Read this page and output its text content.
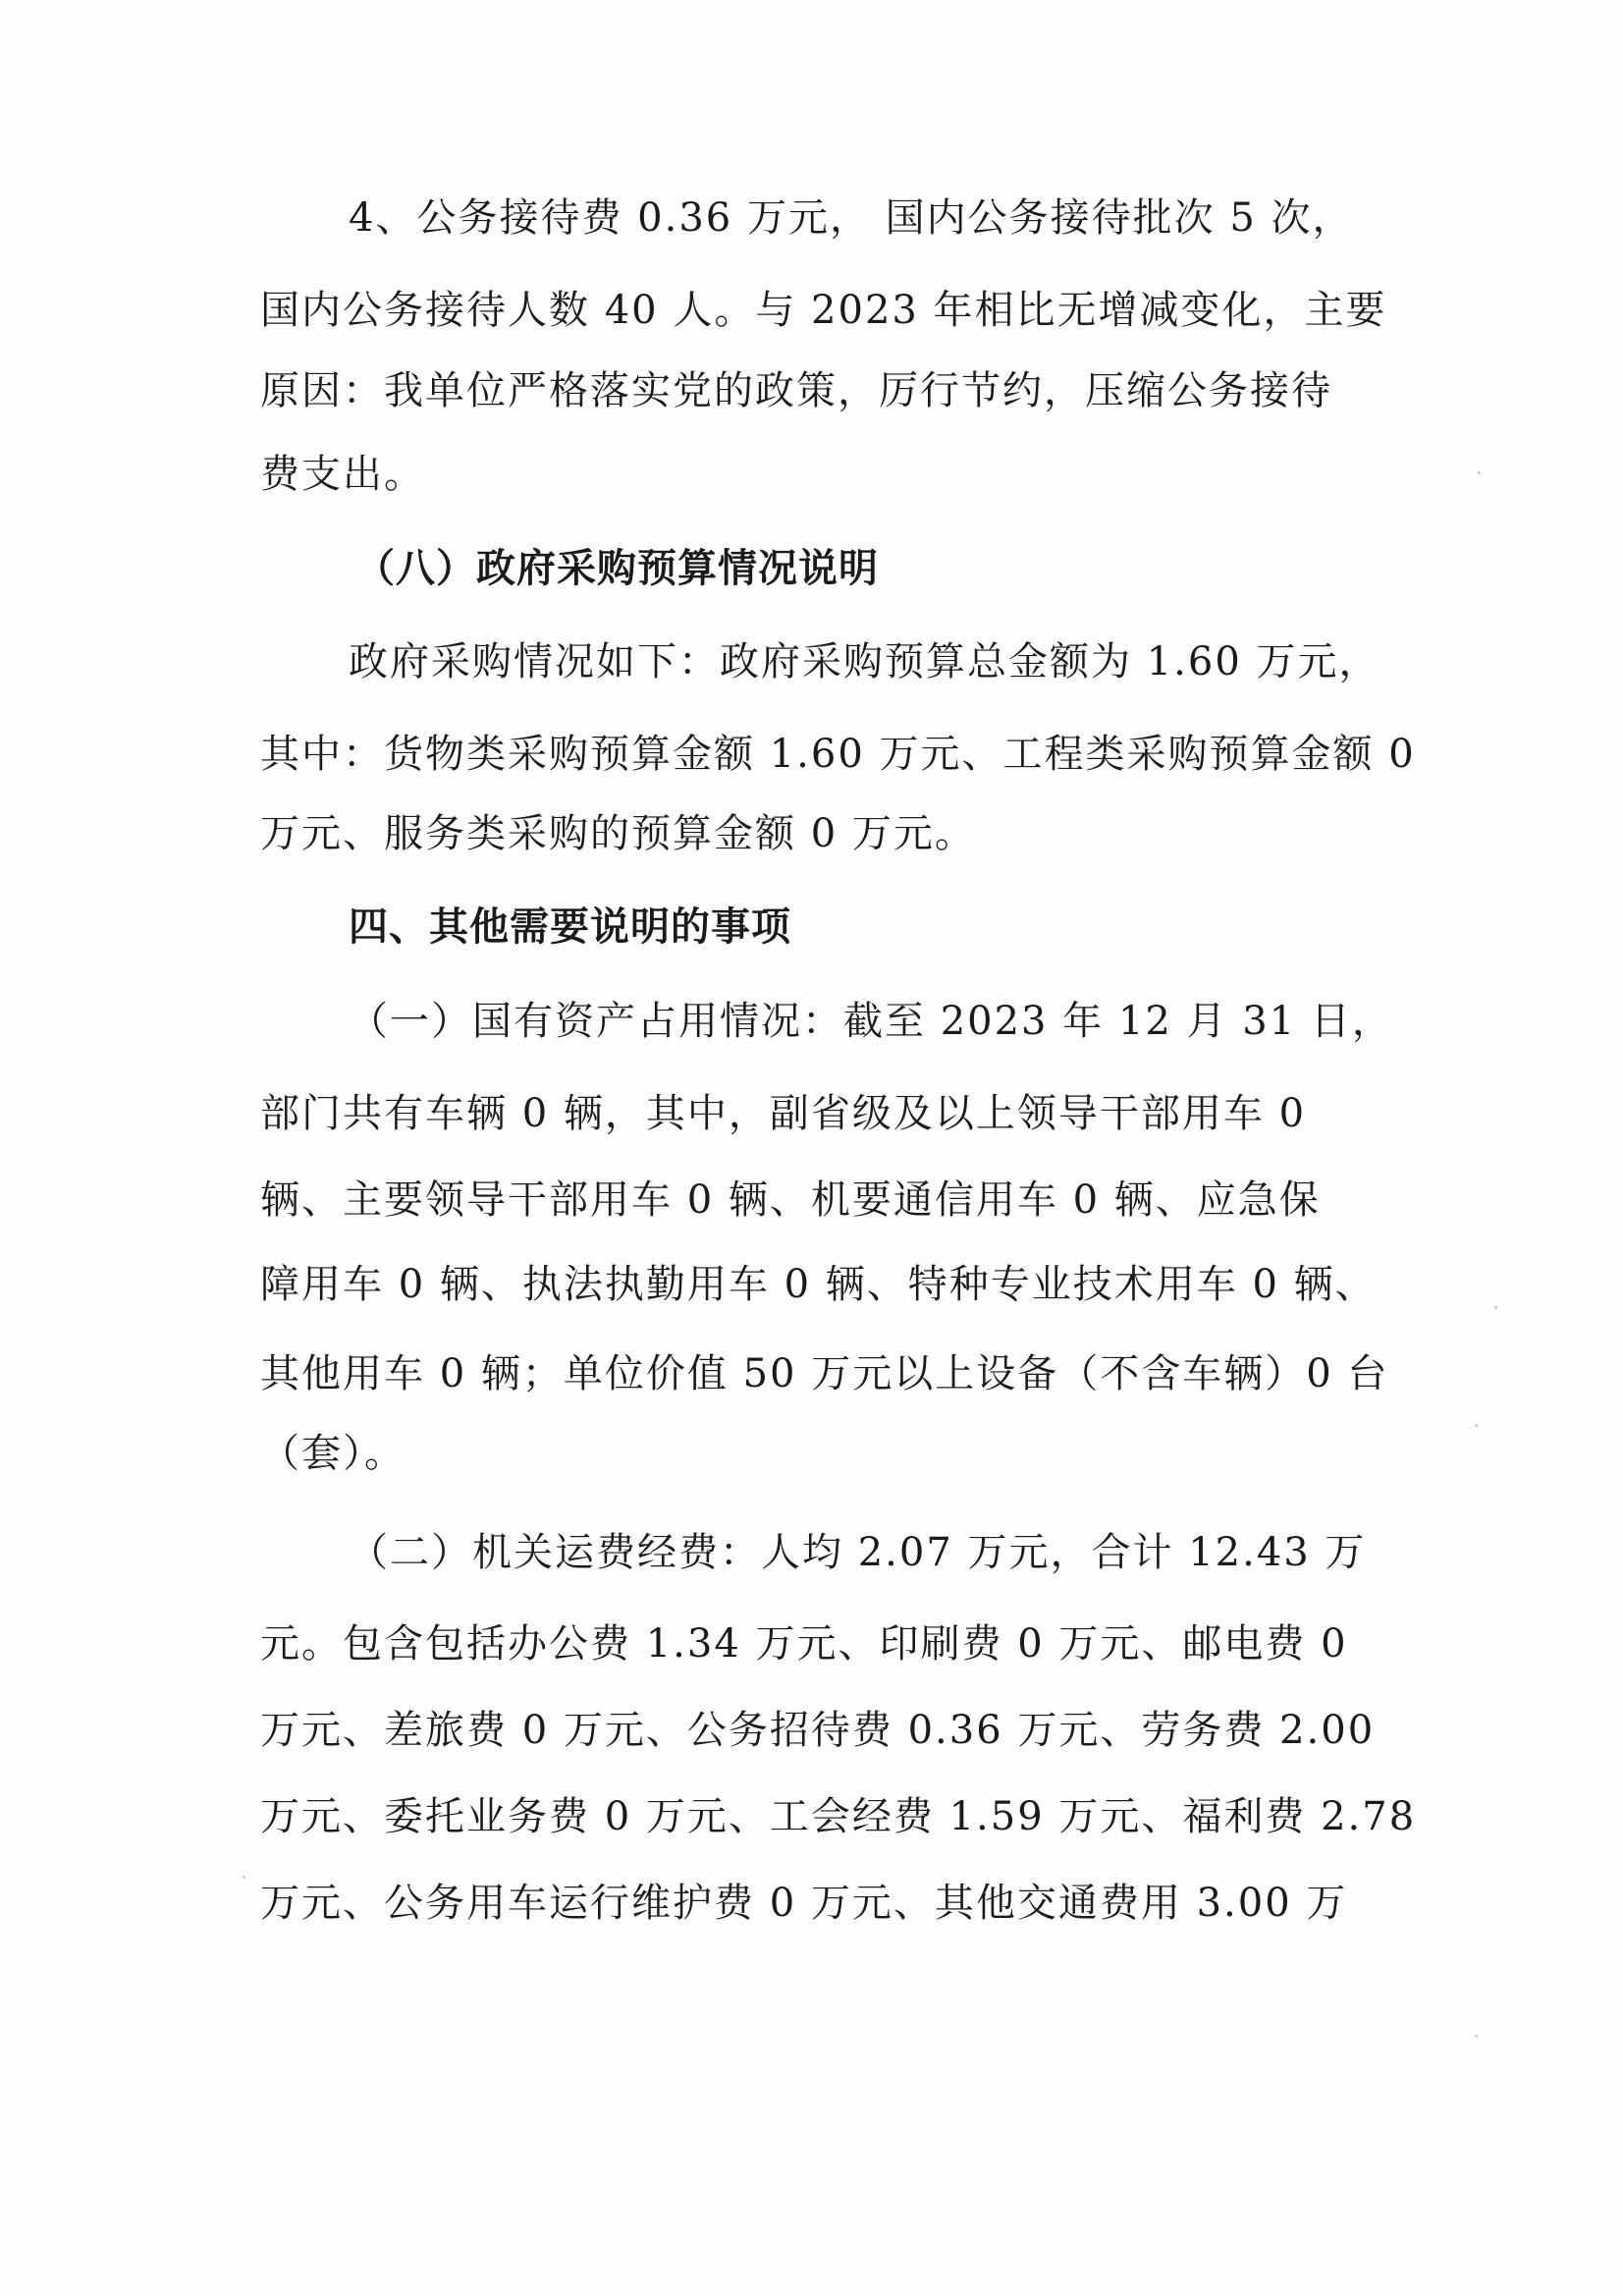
4、公务接待费 0.36 万元， 国内公务接待批次 5 次，
国内公务接待人数 40 人。与 2023 年相比无增减变化，主要
原因：我单位严格落实党的政策，厉行节约，压缩公务接待
费支出。
（八）政府采购预算情况说明
政府采购情况如下：政府采购预算总金额为 1.60 万元，
其中：货物类采购预算金额 1.60 万元、工程类采购预算金额 0
万元、服务类采购的预算金额 0 万元。
四、其他需要说明的事项
（一）国有资产占用情况：截至 2023 年 12 月 31 日，
部门共有车辆 0 辆，其中，副省级及以上领导干部用车 0
辆、主要领导干部用车 0 辆、机要通信用车 0 辆、应急保
障用车 0 辆、执法执勤用车 0 辆、特种专业技术用车 0 辆、
其他用车 0 辆；单位价值 50 万元以上设备（不含车辆）0 台
（套）。
（二）机关运费经费：人均 2.07 万元，合计 12.43 万
元。包含包括办公费 1.34 万元、印刷费 0 万元、邮电费 0
万元、差旅费 0 万元、公务招待费 0.36 万元、劳务费 2.00
万元、委托业务费 0 万元、工会经费 1.59 万元、福利费 2.78
万元、公务用车运行维护费 0 万元、其他交通费用 3.00 万
